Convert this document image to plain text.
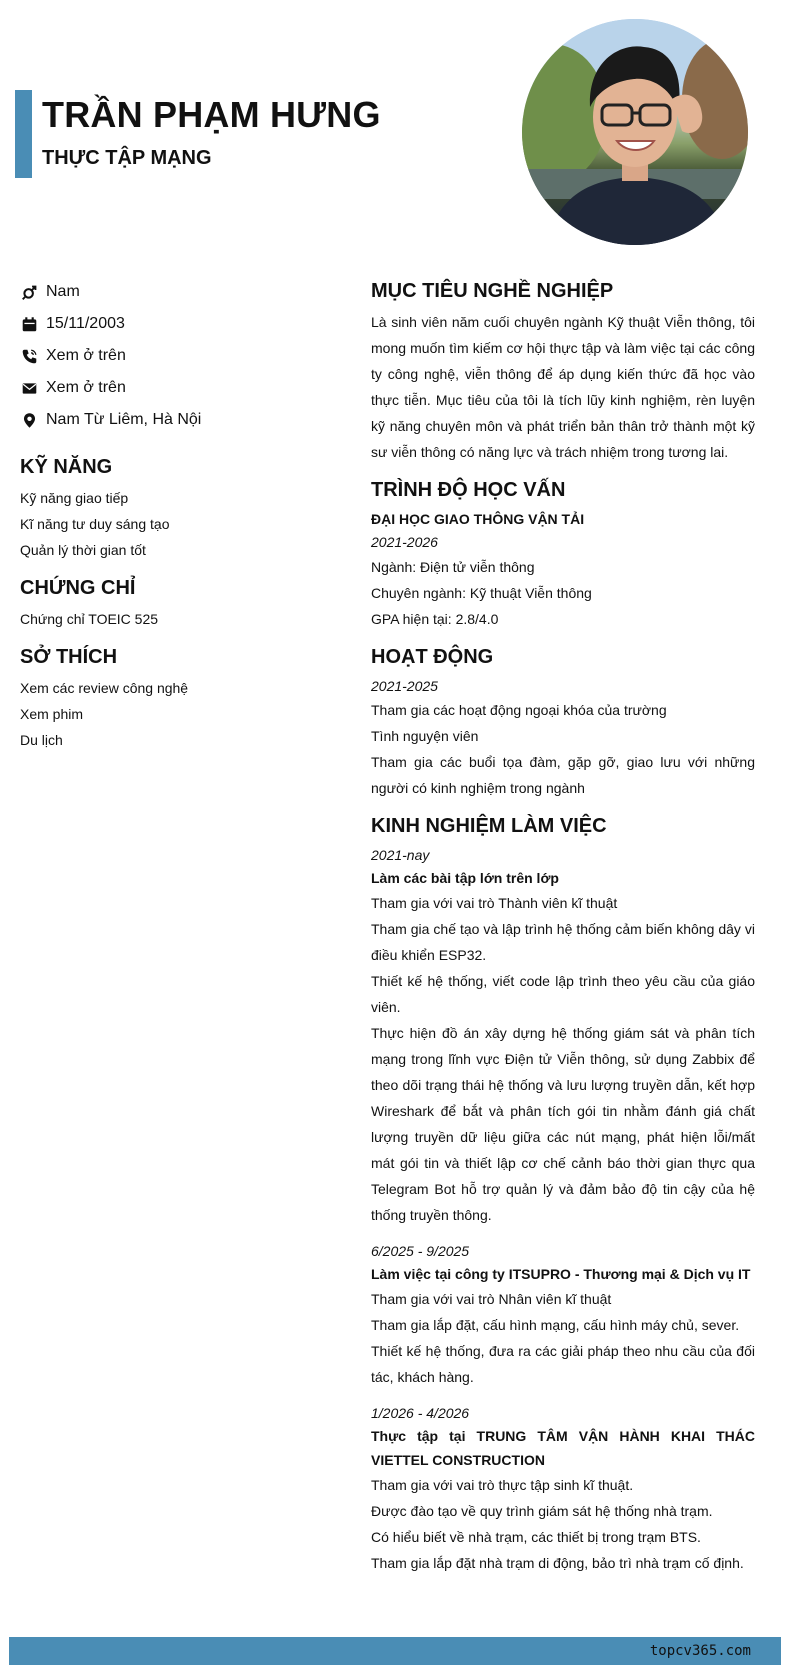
TRẦN PHẠM HƯNG
THỰC TẬP MẠNG
Nam
15/11/2003
Xem ở trên
Xem ở trên
Nam Từ Liêm, Hà Nội
KỸ NĂNG
Kỹ năng giao tiếp
Kĩ năng tư duy sáng tạo
Quản lý thời gian tốt
CHỨNG CHỈ
Chứng chỉ TOEIC 525
SỞ THÍCH
Xem các review công nghệ
Xem phim
Du lịch
MỤC TIÊU NGHỀ NGHIỆP
Là sinh viên năm cuối chuyên ngành Kỹ thuật Viễn thông, tôi mong muốn tìm kiếm cơ hội thực tập và làm việc tại các công ty công nghệ, viễn thông để áp dụng kiến thức đã học vào thực tiễn. Mục tiêu của tôi là tích lũy kinh nghiệm, rèn luyện kỹ năng chuyên môn và phát triển bản thân trở thành một kỹ sư viễn thông có năng lực và trách nhiệm trong tương lai.
TRÌNH ĐỘ HỌC VẤN
ĐẠI HỌC GIAO THÔNG VẬN TẢI
2021-2026
Ngành: Điện tử viễn thông
Chuyên ngành: Kỹ thuật Viễn thông
GPA hiện tại: 2.8/4.0
HOẠT ĐỘNG
2021-2025
Tham gia các hoạt động ngoại khóa của trường
Tình nguyện viên
Tham gia các buổi tọa đàm, gặp gỡ, giao lưu với những người có kinh nghiệm trong ngành
KINH NGHIỆM LÀM VIỆC
2021-nay
Làm các bài tập lớn trên lớp
Tham gia với vai trò Thành viên kĩ thuật
Tham gia chế tạo và lập trình hệ thống cảm biến không dây vi điều khiển ESP32.
Thiết kế hệ thống, viết code lập trình theo yêu cầu của giáo viên.
Thực hiện đồ án xây dựng hệ thống giám sát và phân tích mạng trong lĩnh vực Điện tử Viễn thông, sử dụng Zabbix để theo dõi trạng thái hệ thống và lưu lượng truyền dẫn, kết hợp Wireshark để bắt và phân tích gói tin nhằm đánh giá chất lượng truyền dữ liệu giữa các nút mạng, phát hiện lỗi/mất mát gói tin và thiết lập cơ chế cảnh báo thời gian thực qua Telegram Bot hỗ trợ quản lý và đảm bảo độ tin cậy của hệ thống truyền thông.
6/2025 - 9/2025
Làm việc tại công ty ITSUPRO - Thương mại & Dịch vụ IT
Tham gia với vai trò Nhân viên kĩ thuật
Tham gia lắp đặt, cấu hình mạng, cấu hình máy chủ, sever.
Thiết kế hệ thống, đưa ra các giải pháp theo nhu cầu của đối tác, khách hàng.
1/2026 - 4/2026
Thực tập tại TRUNG TÂM VẬN HÀNH KHAI THÁC VIETTEL CONSTRUCTION
Tham gia với vai trò thực tập sinh kĩ thuật.
Được đào tạo về quy trình giám sát hệ thống nhà trạm.
Có hiểu biết về nhà trạm, các thiết bị trong trạm BTS.
Tham gia lắp đặt nhà trạm di động, bảo trì nhà trạm cố định.
topcv365.com
